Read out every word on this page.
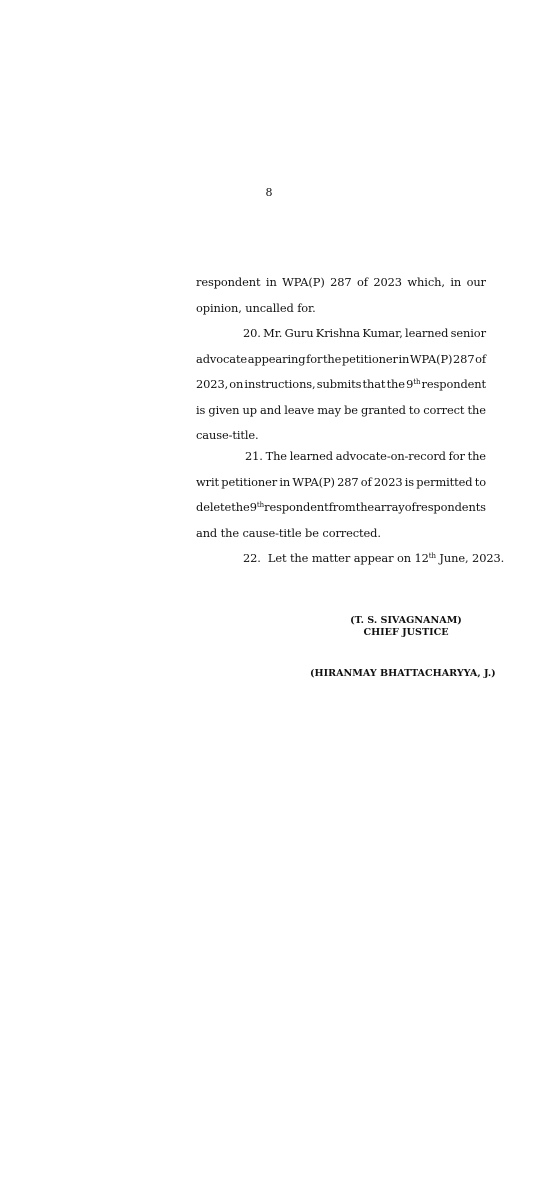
8
respondent in WPA(P) 287 of 2023 which, in our
opinion, uncalled for.
20. Mr. Guru Krishna Kumar, learned senior
advocate appearing for the petitioner in WPA(P) 287 of
2023, on instructions, submits that the 9th respondent
is given up and leave may be granted to correct the
cause-title.
21. The learned advocate-on-record for the
writ petitioner in WPA(P) 287 of 2023 is permitted to
delete the 9th respondent from the array of respondents
and the cause-title be corrected.
22.  Let the matter appear on 12th June, 2023.
(T. S. SIVAGNANAM)
CHIEF JUSTICE
(HIRANMAY BHATTACHARYYA, J.)
